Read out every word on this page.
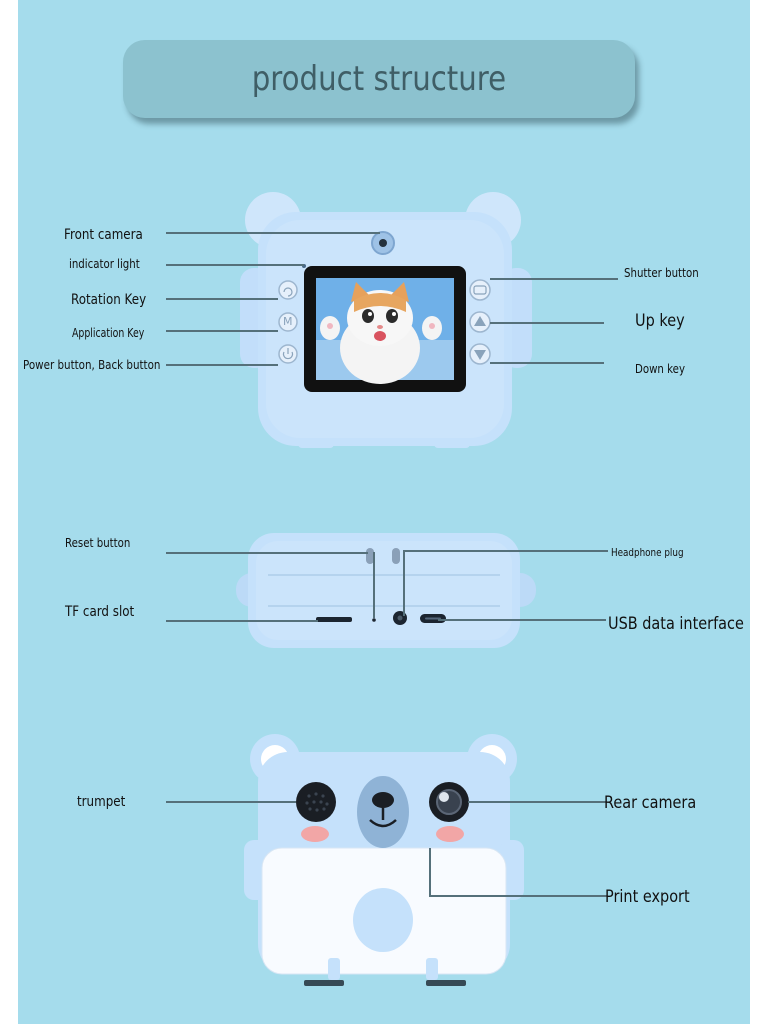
product structure
M
Front camera
indicator light
Rotation Key
Application Key
Power button, Back button
Shutter button
Up key
Down key
Reset button
TF card slot
Headphone plug
USB data interface
trumpet	Rear camera
Print export
